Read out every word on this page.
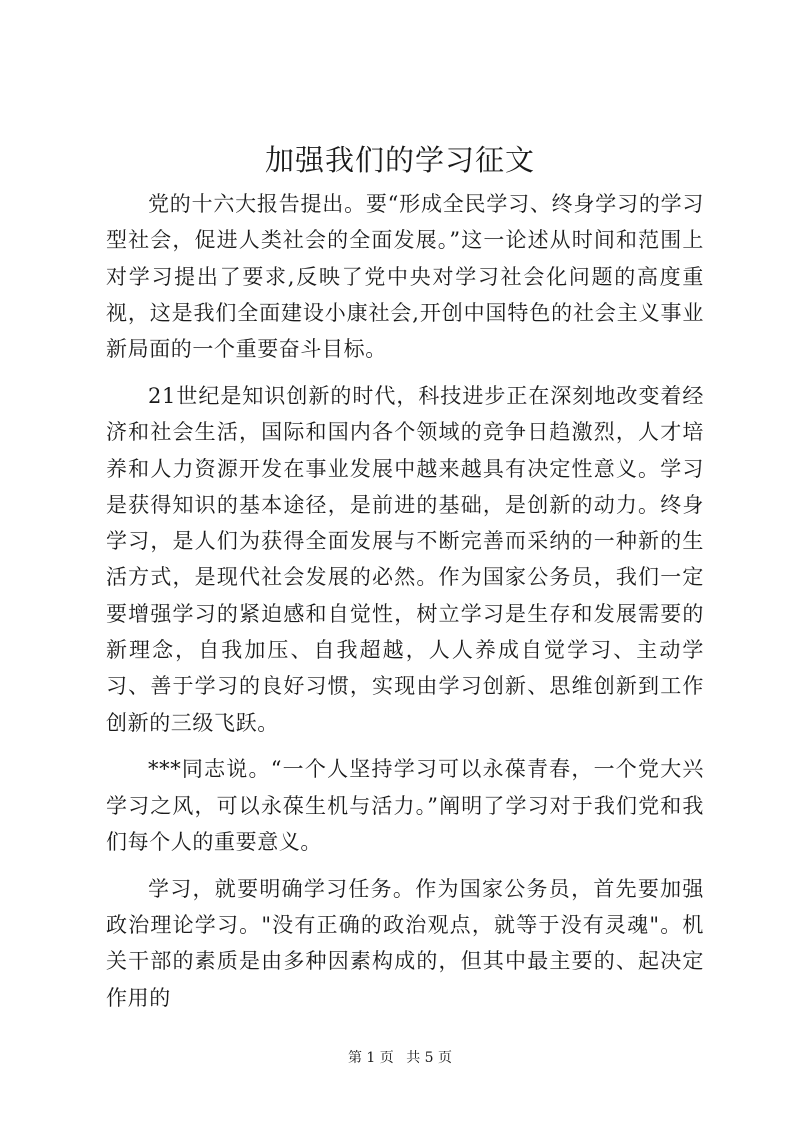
加强我们的学习征文

党的十六大报告提出。要“形成全民学习、终身学习的学习型社会，促进人类社会的全面发展。”这一论述从时间和范围上对学习提出了要求,反映了党中央对学习社会化问题的高度重视，这是我们全面建设小康社会,开创中国特色的社会主义事业新局面的一个重要奋斗目标。

21世纪是知识创新的时代，科技进步正在深刻地改变着经济和社会生活，国际和国内各个领域的竞争日趋激烈，人才培养和人力资源开发在事业发展中越来越具有决定性意义。学习是获得知识的基本途径，是前进的基础，是创新的动力。终身学习，是人们为获得全面发展与不断完善而采纳的一种新的生活方式，是现代社会发展的必然。作为国家公务员，我们一定要增强学习的紧迫感和自觉性，树立学习是生存和发展需要的新理念，自我加压、自我超越，人人养成自觉学习、主动学习、善于学习的良好习惯，实现由学习创新、思维创新到工作创新的三级飞跃。

***同志说。“一个人坚持学习可以永葆青春，一个党大兴学习之风，可以永葆生机与活力。”阐明了学习对于我们党和我们每个人的重要意义。

学习，就要明确学习任务。作为国家公务员，首先要加强政治理论学习。"没有正确的政治观点，就等于没有灵魂"。机关干部的素质是由多种因素构成的，但其中最主要的、起决定作用的

第 1 页 共 5 页
